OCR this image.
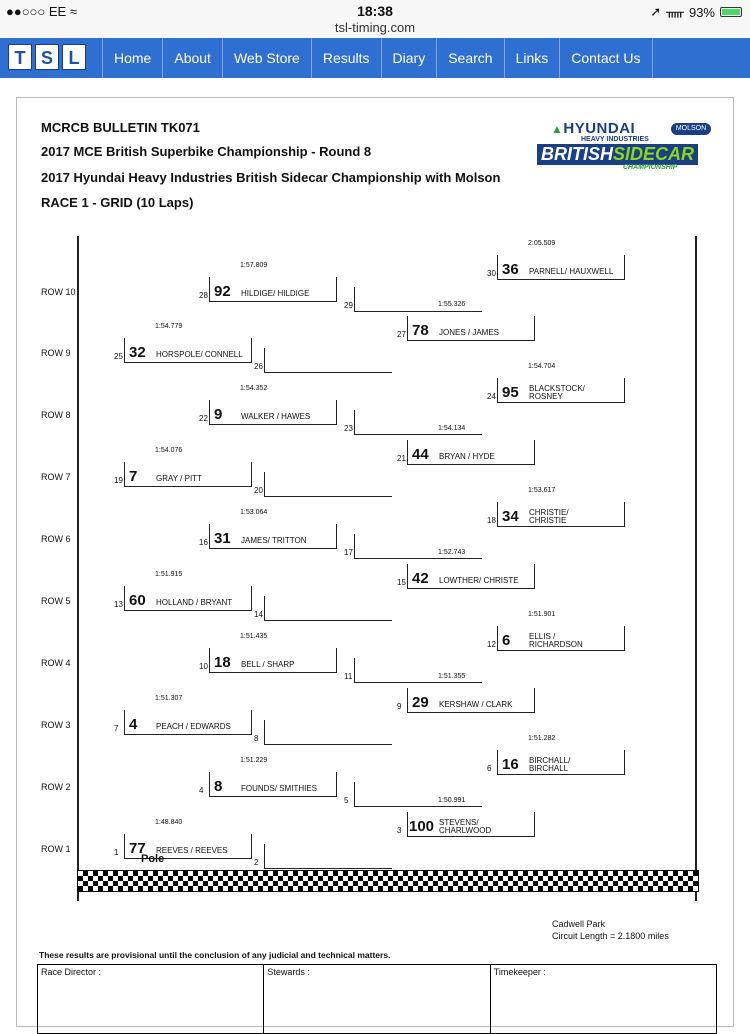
●●○○○ EE ≈	18:38
tsl-timing.com
➚ ᚅ 93%
T S L	Home	About	Web Store	Results	Diary	Search	Links	Contact Us
MCRCB BULLETIN TK071
2017 MCE British Superbike Championship - Round 8
2017 Hyundai Heavy Industries British Sidecar Championship with Molson
RACE 1 - GRID (10 Laps)
▲HYUNDAI	MOLSON
HEAVY INDUSTRIES
BRITISHSIDECAR
CHAMPIONSHIP
ROW 10
ROW 9
ROW 8
ROW 7
ROW 6
ROW 5
ROW 4
ROW 3
ROW 2
ROW 1
28 92 HILDIGE/ HILDIGE
1:57.809
29
30 36 PARNELL/ HAUXWELL
2:05.509
25 32 HORSPOLE/ CONNELL
1:54.779
26
27 78 JONES / JAMES
1:55.326
22 9 WALKER / HAWES
1:54.352
23
24 95 BLACKSTOCK/ ROSNEY
1:54.704
19 7 GRAY / PITT
1:54.076
20
21 44 BRYAN / HYDE
1:54.134
16 31 JAMES/ TRITTON
1:53.064
17
18 34 CHRISTIE/ CHRISTIE
1:53.617
13 60 HOLLAND / BRYANT
1:51.915
14
15 42 LOWTHER/ CHRISTE
1:52.743
10 18 BELL / SHARP
1:51.435
11
12 6 ELLIS / RICHARDSON
1:51.901
7 4 PEACH / EDWARDS
1:51.307
8
9 29 KERSHAW / CLARK
1:51.355
4 8 FOUNDS/ SMITHIES
1:51.229
5
6 16 BIRCHALL/ BIRCHALL
1:51.282
1 77 REEVES / REEVES
1:48.840
2
3 100 STEVENS/ CHARLWOOD
1:50.991
Pole
Cadwell Park
Circuit Length = 2.1800 miles
These results are provisional until the conclusion of any judicial and technical matters.
Race Director :	Stewards :	Timekeeper :
